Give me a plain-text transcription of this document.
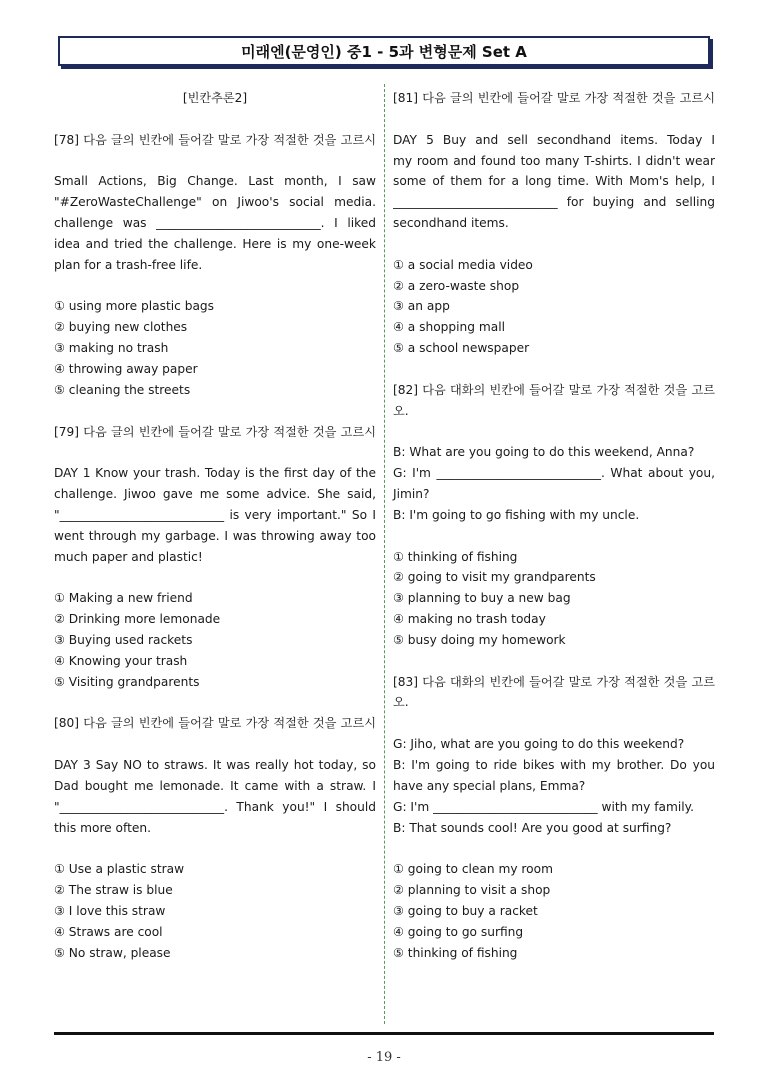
미래엔(문영인) 중1 - 5과 변형문제 Set A
[빈칸추론2]
[78] 다음 글의 빈칸에 들어갈 말로 가장 적절한 것을 고르시
Small Actions, Big Change. Last month, I saw
"#ZeroWasteChallenge" on Jiwoo's social media.
challenge was ___________________________. I liked
idea and tried the challenge. Here is my one-week
plan for a trash-free life.
① using more plastic bags
② buying new clothes
③ making no trash
④ throwing away paper
⑤ cleaning the streets
[79] 다음 글의 빈칸에 들어갈 말로 가장 적절한 것을 고르시
DAY 1 Know your trash. Today is the first day of the
challenge. Jiwoo gave me some advice. She said,
"___________________________ is very important." So I
went through my garbage. I was throwing away too
much paper and plastic!
① Making a new friend
② Drinking more lemonade
③ Buying used rackets
④ Knowing your trash
⑤ Visiting grandparents
[80] 다음 글의 빈칸에 들어갈 말로 가장 적절한 것을 고르시
DAY 3 Say NO to straws. It was really hot today, so
Dad bought me lemonade. It came with a straw. I
"___________________________. Thank you!" I should
this more often.
① Use a plastic straw
② The straw is blue
③ I love this straw
④ Straws are cool
⑤ No straw, please
[81] 다음 글의 빈칸에 들어갈 말로 가장 적절한 것을 고르시
DAY 5 Buy and sell secondhand items. Today I
my room and found too many T-shirts. I didn't wear
some of them for a long time. With Mom's help, I
___________________________ for buying and selling
secondhand items.
① a social media video
② a zero-waste shop
③ an app
④ a shopping mall
⑤ a school newspaper
[82] 다음 대화의 빈칸에 들어갈 말로 가장 적절한 것을 고르
오.
B: What are you going to do this weekend, Anna?
G: I'm ___________________________. What about you,
Jimin?
B: I'm going to go fishing with my uncle.
① thinking of fishing
② going to visit my grandparents
③ planning to buy a new bag
④ making no trash today
⑤ busy doing my homework
[83] 다음 대화의 빈칸에 들어갈 말로 가장 적절한 것을 고르
오.
G: Jiho, what are you going to do this weekend?
B: I'm going to ride bikes with my brother. Do you
have any special plans, Emma?
G: I'm ___________________________ with my family.
B: That sounds cool! Are you good at surfing?
① going to clean my room
② planning to visit a shop
③ going to buy a racket
④ going to go surfing
⑤ thinking of fishing
- 19 -
